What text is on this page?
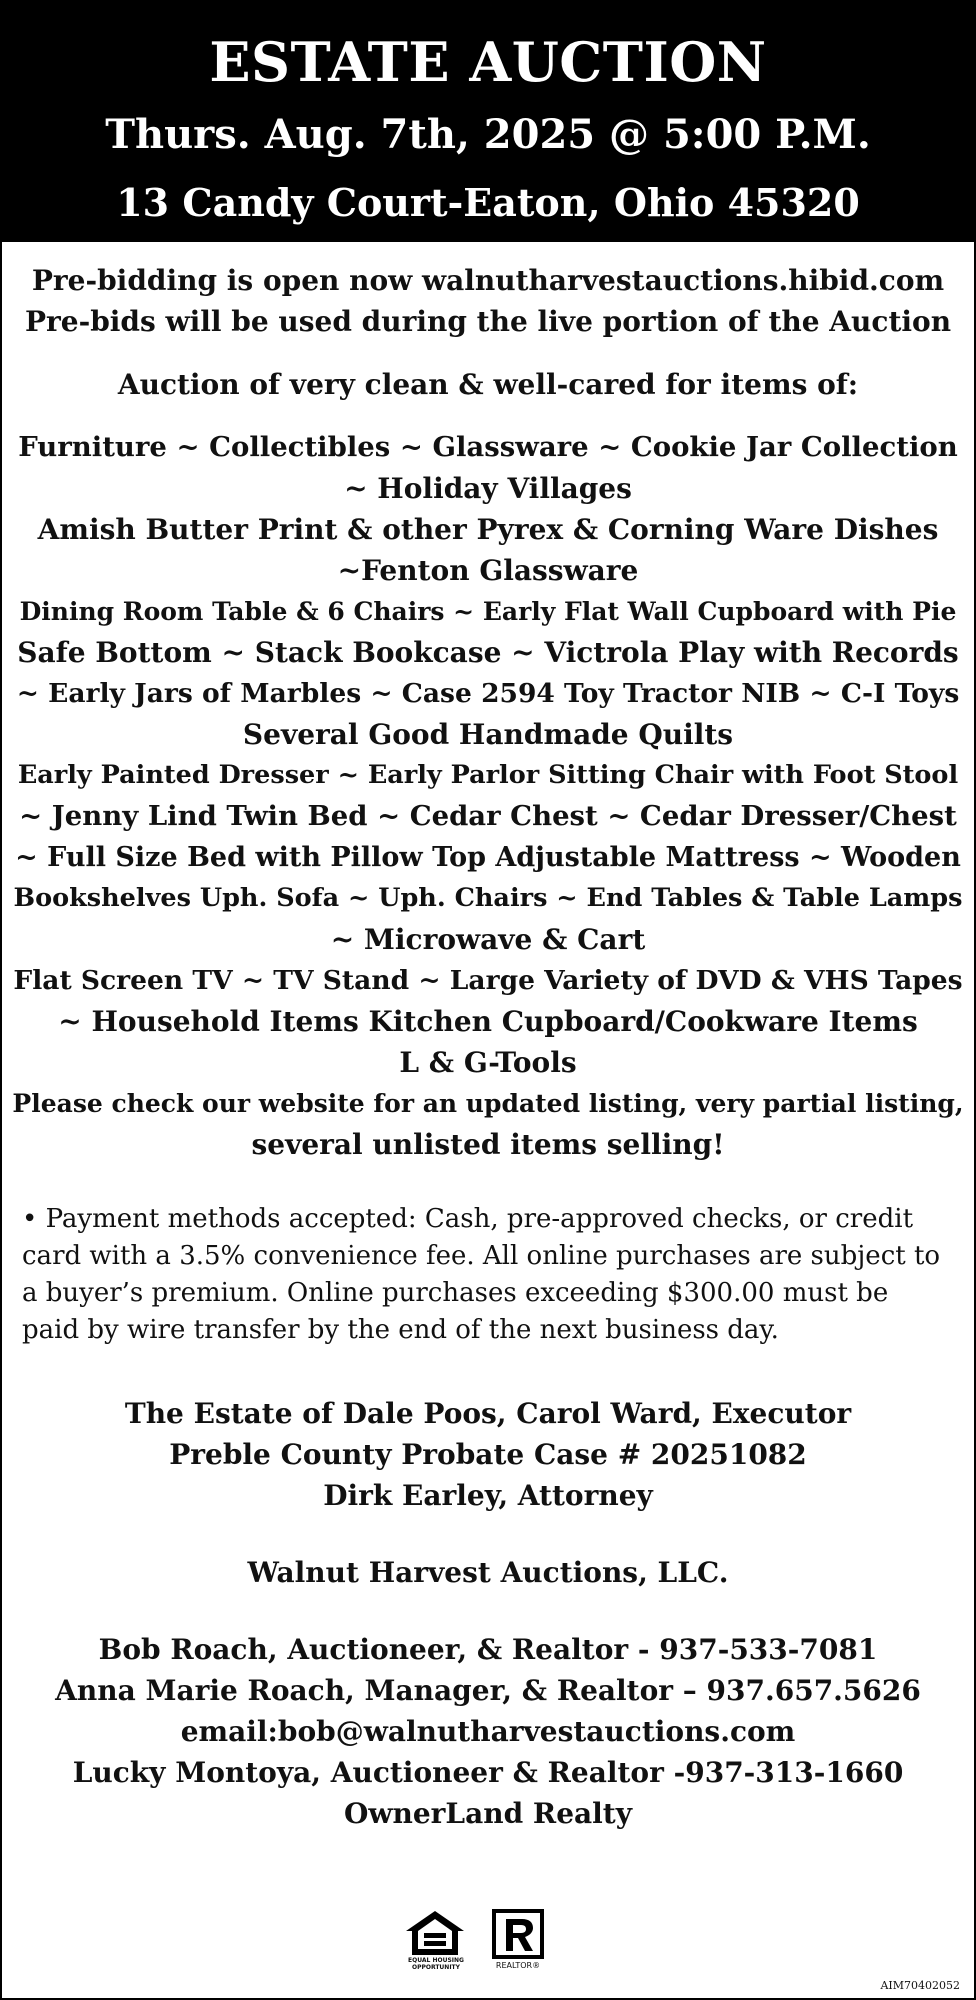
ESTATE AUCTION
Thurs. Aug. 7th, 2025 @ 5:00 P.M.
13 Candy Court-Eaton, Ohio 45320
Pre-bidding is open now walnutharvestauctions.hibid.com
Pre-bids will be used during the live portion of the Auction
Auction of very clean & well-cared for items of:
Furniture ~ Collectibles ~ Glassware ~ Cookie Jar Collection
~ Holiday Villages
Amish Butter Print & other Pyrex & Corning Ware Dishes
~Fenton Glassware
Dining Room Table & 6 Chairs ~ Early Flat Wall Cupboard with Pie
Safe Bottom ~ Stack Bookcase ~ Victrola Play with Records
~ Early Jars of Marbles ~ Case 2594 Toy Tractor NIB ~ C-I Toys
Several Good Handmade Quilts
Early Painted Dresser ~ Early Parlor Sitting Chair with Foot Stool
~ Jenny Lind Twin Bed ~ Cedar Chest ~ Cedar Dresser/Chest
~ Full Size Bed with Pillow Top Adjustable Mattress ~ Wooden
Bookshelves Uph. Sofa ~ Uph. Chairs ~ End Tables & Table Lamps
~ Microwave & Cart
Flat Screen TV ~ TV Stand ~ Large Variety of DVD & VHS Tapes
~ Household Items Kitchen Cupboard/Cookware Items
L & G-Tools
Please check our website for an updated listing, very partial listing,
several unlisted items selling!
• Payment methods accepted: Cash, pre-approved checks, or credit card with a 3.5% convenience fee. All online purchases are subject to a buyer’s premium. Online purchases exceeding $300.00 must be paid by wire transfer by the end of the next business day.
The Estate of Dale Poos, Carol Ward, Executor
Preble County Probate Case # 20251082
Dirk Earley, Attorney
Walnut Harvest Auctions, LLC.
Bob Roach, Auctioneer, & Realtor - 937-533-7081
Anna Marie Roach, Manager, & Realtor – 937.657.5626
email:bob@walnutharvestauctions.com
Lucky Montoya, Auctioneer & Realtor -937-313-1660
OwnerLand Realty
EQUAL HOUSING
OPPORTUNITY	REALTOR®
AIM70402052
